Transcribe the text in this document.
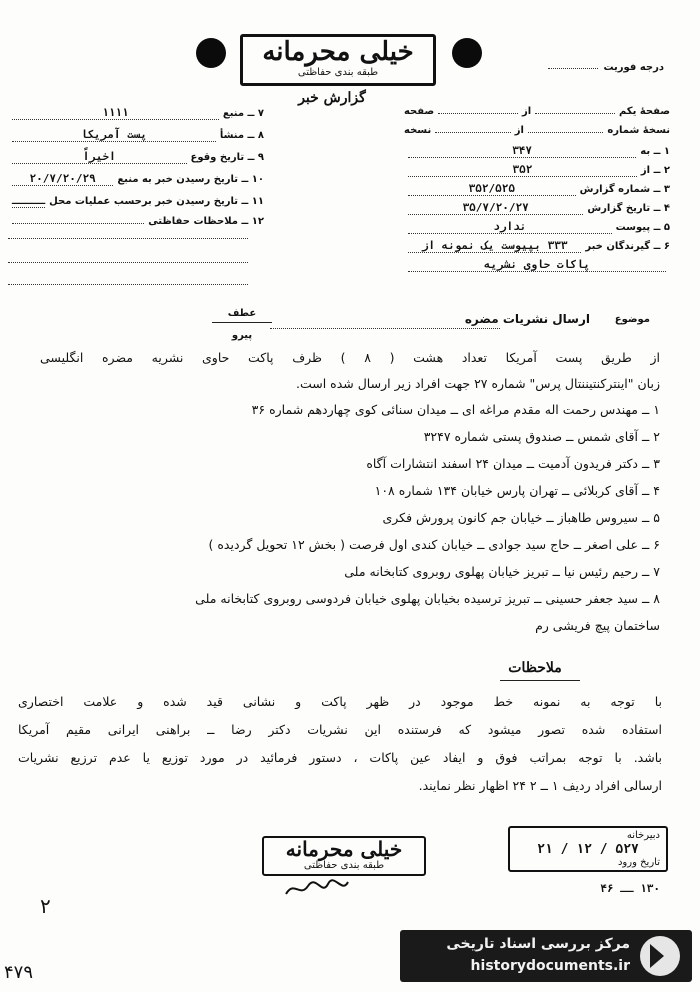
خیلی محرمانه
طبقه بندی حفاظتی
گزارش خبر
درجه فوریت
۷ ــ منبع
۱۱۱۱
۸ ــ منشأ
پست آمریکا
۹ ــ تاریخ وقوع
اخیراً
۱۰ ــ تاریخ رسیدن خبر به منبع
۲۰/۷/۲۰/۲۹
۱۱ ــ تاریخ رسیدن خبر برحسب عملیات محل
ـــــ
۱۲ ــ ملاحظات حفاظتی
صفحهٔ یکم
از
صفحه
نسخهٔ شماره
از
نسخه
۱ ــ به
۳۴۷
۲ ــ از
۳۵۲
۳ ــ شماره گزارش
۳۵۲/۵۲۵
۴ ــ تاریخ گزارش
۳۵/۷/۲۰/۲۷
۵ ــ پیوست
ندارد
۶ ــ گیرندگان خبر
۳۳۳ بپیوست یک نمونه از
پاکات حاوی نشریه
عطف
پیرو
ارسال نشریات مضره	موضوع
از طریق پست آمریکا تعداد هشت ( ۸ ) ظرف پاکت حاوی نشریه مضره انگلیسی
زبان "اینترکنتیننتال پرس" شماره ۲۷ جهت افراد زیر ارسال شده است.
۱ ــ مهندس رحمت اله مقدم مراغه ای ــ میدان سنائی کوی چهاردهم شماره ۳۶
۲ ــ آقای شمس ــ صندوق پستی شماره ۳۲۴۷
۳ ــ دکتر فریدون آدمیت ــ میدان ۲۴ اسفند انتشارات آگاه
۴ ــ آقای کربلائی ــ تهران پارس خیابان ۱۳۴ شماره ۱۰۸
۵ ــ سیروس طاهباز ــ خیابان جم کانون پرورش فکری
۶ ــ علی اصغر ــ حاج سید جوادی ــ خیابان کندی اول فرصت ( بخش ۱۲ تحویل گردیده )
۷ ــ رحیم رئیس نیا ــ تبریز خیابان پهلوی روبروی کتابخانه ملی
۸ ــ سید جعفر حسینی ــ تبریز ترسیده بخیابان پهلوی خیابان فردوسی روبروی کتابخانه ملی
ساختمان پیچ فریشی رم
ملاحظات
با توجه به نمونه خط موجود در ظهر پاکت و نشانی قید شده و علامت اختصاری
استفاده شده تصور میشود که فرستنده این نشریات دکتر رضا ــ براهنی ایرانی مقیم آمریکا
باشد. با توجه بمراتب فوق و ایفاد عین پاکات ، دستور فرمائید در مورد توزیع یا عدم ترزیع نشریات
ارسالی افراد ردیف ۱ ــ ۲ ۲۴ اظهار نظر نمایند.
دبیرخانه
۵۲۷ / ۱۲ / ۲۱
تاریخ ورود
۱۳۰ ــ ۴۶
خیلی محرمانه
طبقه بندی حفاظتی
۲
مرکز بررسی اسناد تاریخی
historydocuments.ir
۴۷۹
